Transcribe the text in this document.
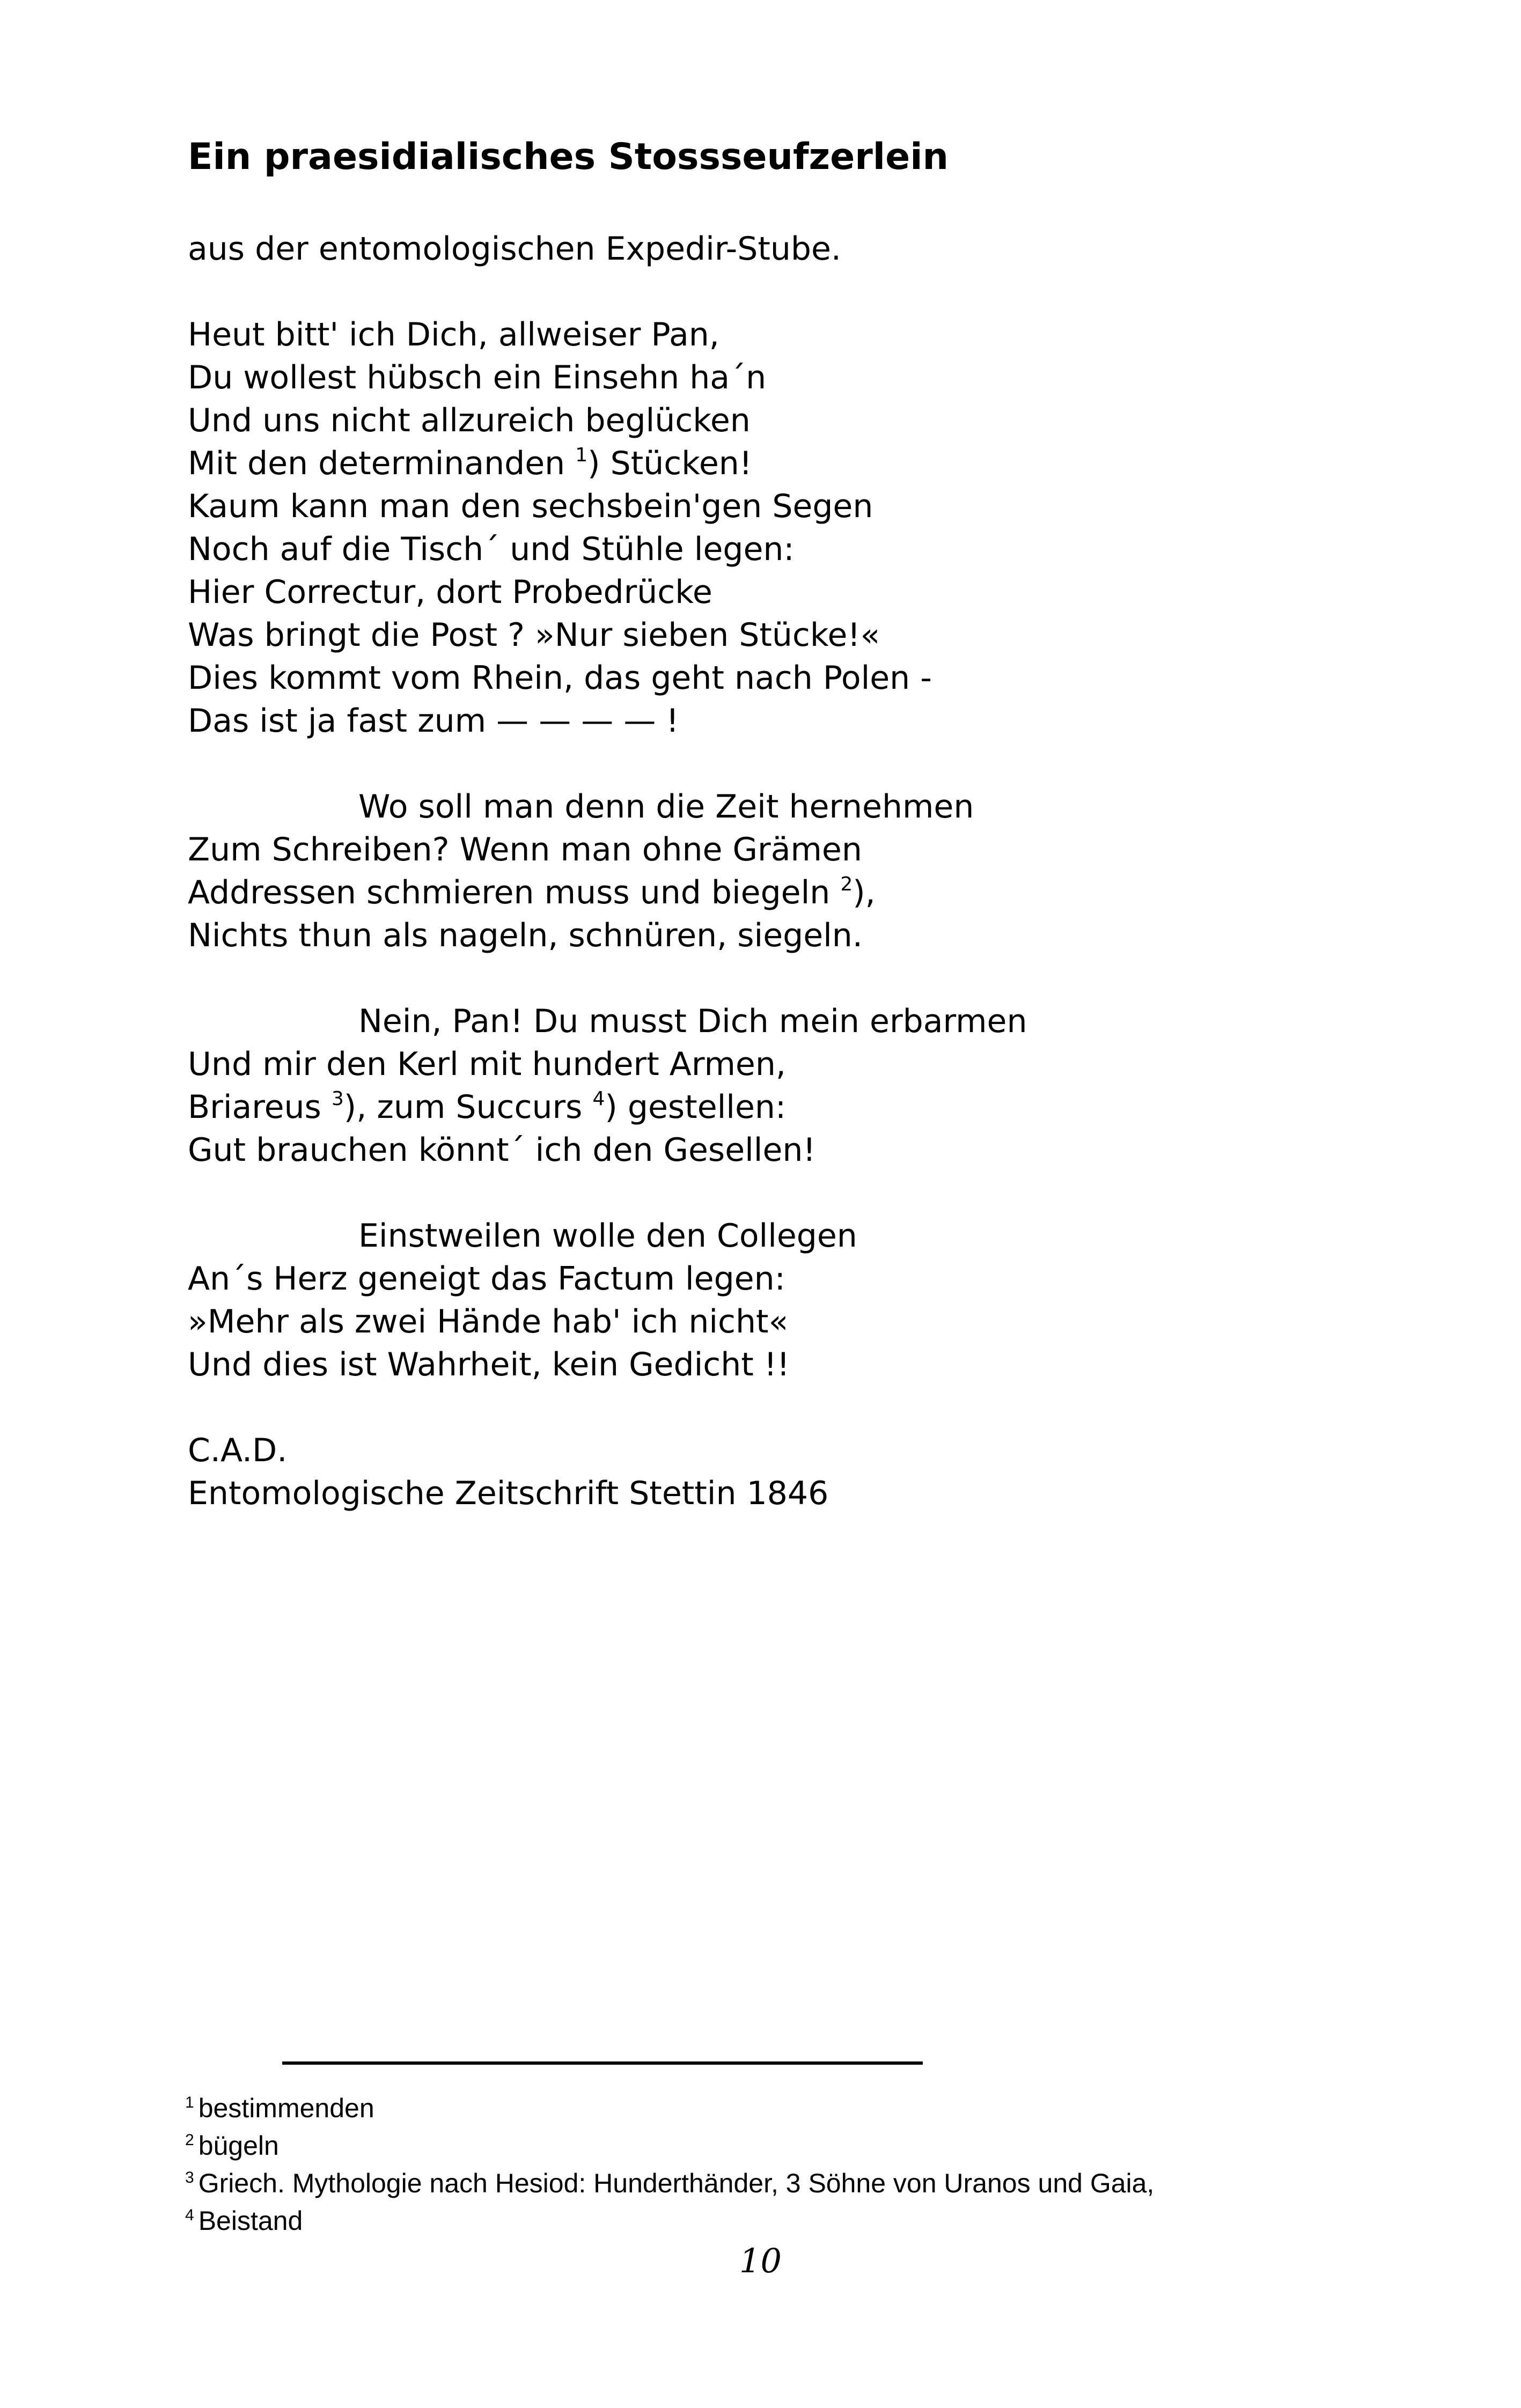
Ein praesidialisches Stossseufzerlein

aus der entomologischen Expedir-Stube.

Heut bitt' ich Dich, allweiser Pan,
Du wollest hübsch ein Einsehn ha´n
Und uns nicht allzureich beglücken
Mit den determinanden $^1$) Stücken!
Kaum kann man den sechsbein'gen Segen
Noch auf die Tisch´ und Stühle legen:
Hier Correctur, dort Probedrücke
Was bringt die Post ? »Nur sieben Stücke!«
Dies kommt vom Rhein, das geht nach Polen -
Das ist ja fast zum — — — — !
Wo soll man denn die Zeit hernehmen
Zum Schreiben? Wenn man ohne Grämen
Addressen schmieren muss und biegeln $^2$),
Nichts thun als nageln, schnüren, siegeln.
Nein, Pan! Du musst Dich mein erbarmen
Und mir den Kerl mit hundert Armen,
Briareus $^3$), zum Succurs $^4$) gestellen:
Gut brauchen könnt´ ich den Gesellen!
Einstweilen wolle den Collegen
An´s Herz geneigt das Factum legen:
»Mehr als zwei Hände hab' ich nicht«
Und dies ist Wahrheit, kein Gedicht !!
C.A.D.
Entomologische Zeitschrift Stettin 1846
$^1$ bestimmenden
$^2$ bügeln
$^3$ Griech. Mythologie nach Hesiod: Hunderthänder, 3 Söhne von Uranos und Gaia,
$^4$ Beistand

10
